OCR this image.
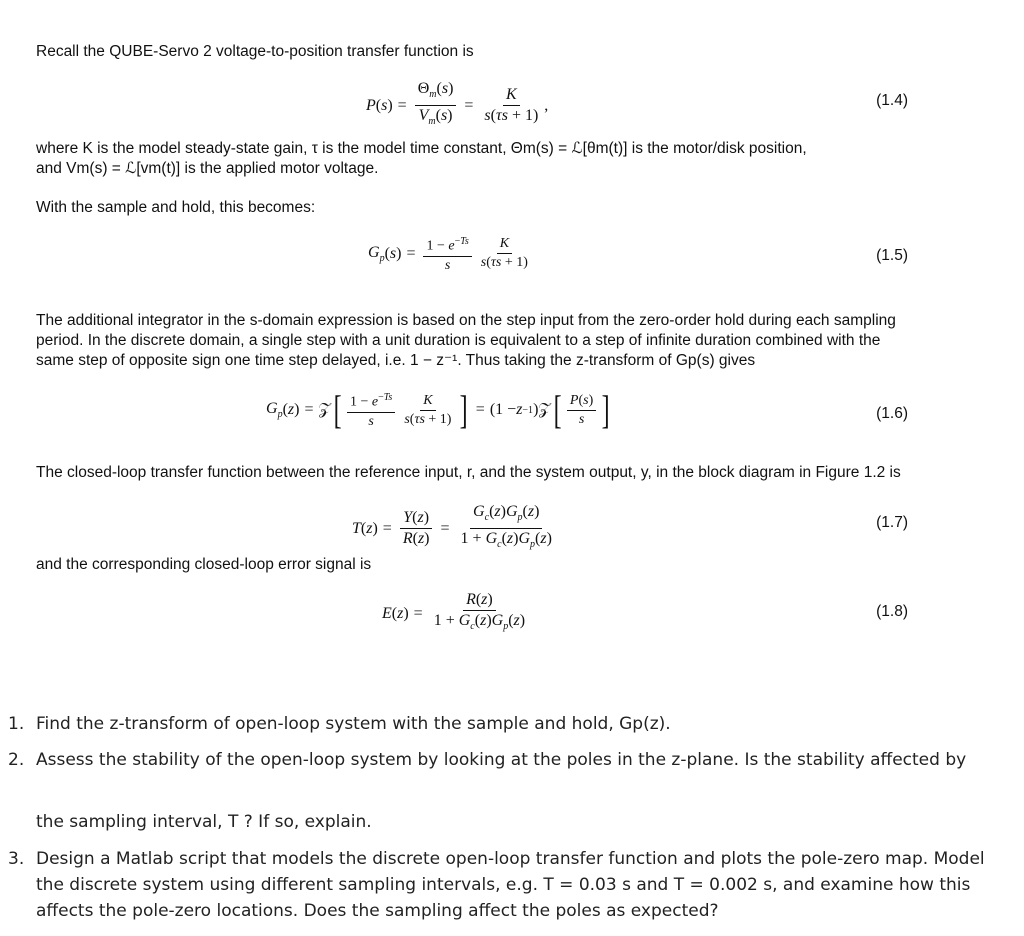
Recall the QUBE-Servo 2 voltage-to-position transfer function is
P ( s ) = $\frac{\Theta_m(s)}{V_m(s)} = \frac{K}{s(\tau s + 1)}$ ,	(1.4)
where K is the model steady-state gain, τ is the model time constant, Θm(s) = ℒ[θm(t)] is the motor/disk position,
and Vm(s) = ℒ[vm(t)] is the applied motor voltage.
With the sample and hold, this becomes:
$G_p$ ( s ) = $\frac{1 - e^{-Ts}}{s} \frac{K}{s(\tau s + 1)}$	(1.5)
The additional integrator in the s-domain expression is based on the step input from the zero-order hold during each sampling period. In the discrete domain, a single step with a unit duration is equivalent to a step of infinite duration combined with the same step of opposite sign one time step delayed, i.e. 1 − z⁻¹. Thus taking the z-transform of Gp(s) gives
$G_p$ ( z ) = 𝒵 [ $\frac{1 - e^{-Ts}}{s} \frac{K}{s(\tau s + 1)}$ ] = (1 − z −1 ) 𝒵 [ $\frac{P(s)}{s}$ ]	(1.6)
The closed-loop transfer function between the reference input, r, and the system output, y, in the block diagram in Figure 1.2 is
T ( z ) = $\frac{Y(z)}{R(z)} = \frac{G_c(z)G_p(z)}{1 + G_c(z)G_p(z)}$	(1.7)
and the corresponding closed-loop error signal is
E ( z ) = $\frac{R(z)}{1 + G_c(z)G_p(z)}$	(1.8)
1. Find the z-transform of open-loop system with the sample and hold, Gp(z).
2. Assess the stability of the open-loop system by looking at the poles in the z-plane. Is the stability affected by
the sampling interval, T ? If so, explain.
3. Design a Matlab script that models the discrete open-loop transfer function and plots the pole-zero map. Model the discrete system using different sampling intervals, e.g. T = 0.03 s and T = 0.002 s, and examine how this affects the pole-zero locations. Does the sampling affect the poles as expected?
